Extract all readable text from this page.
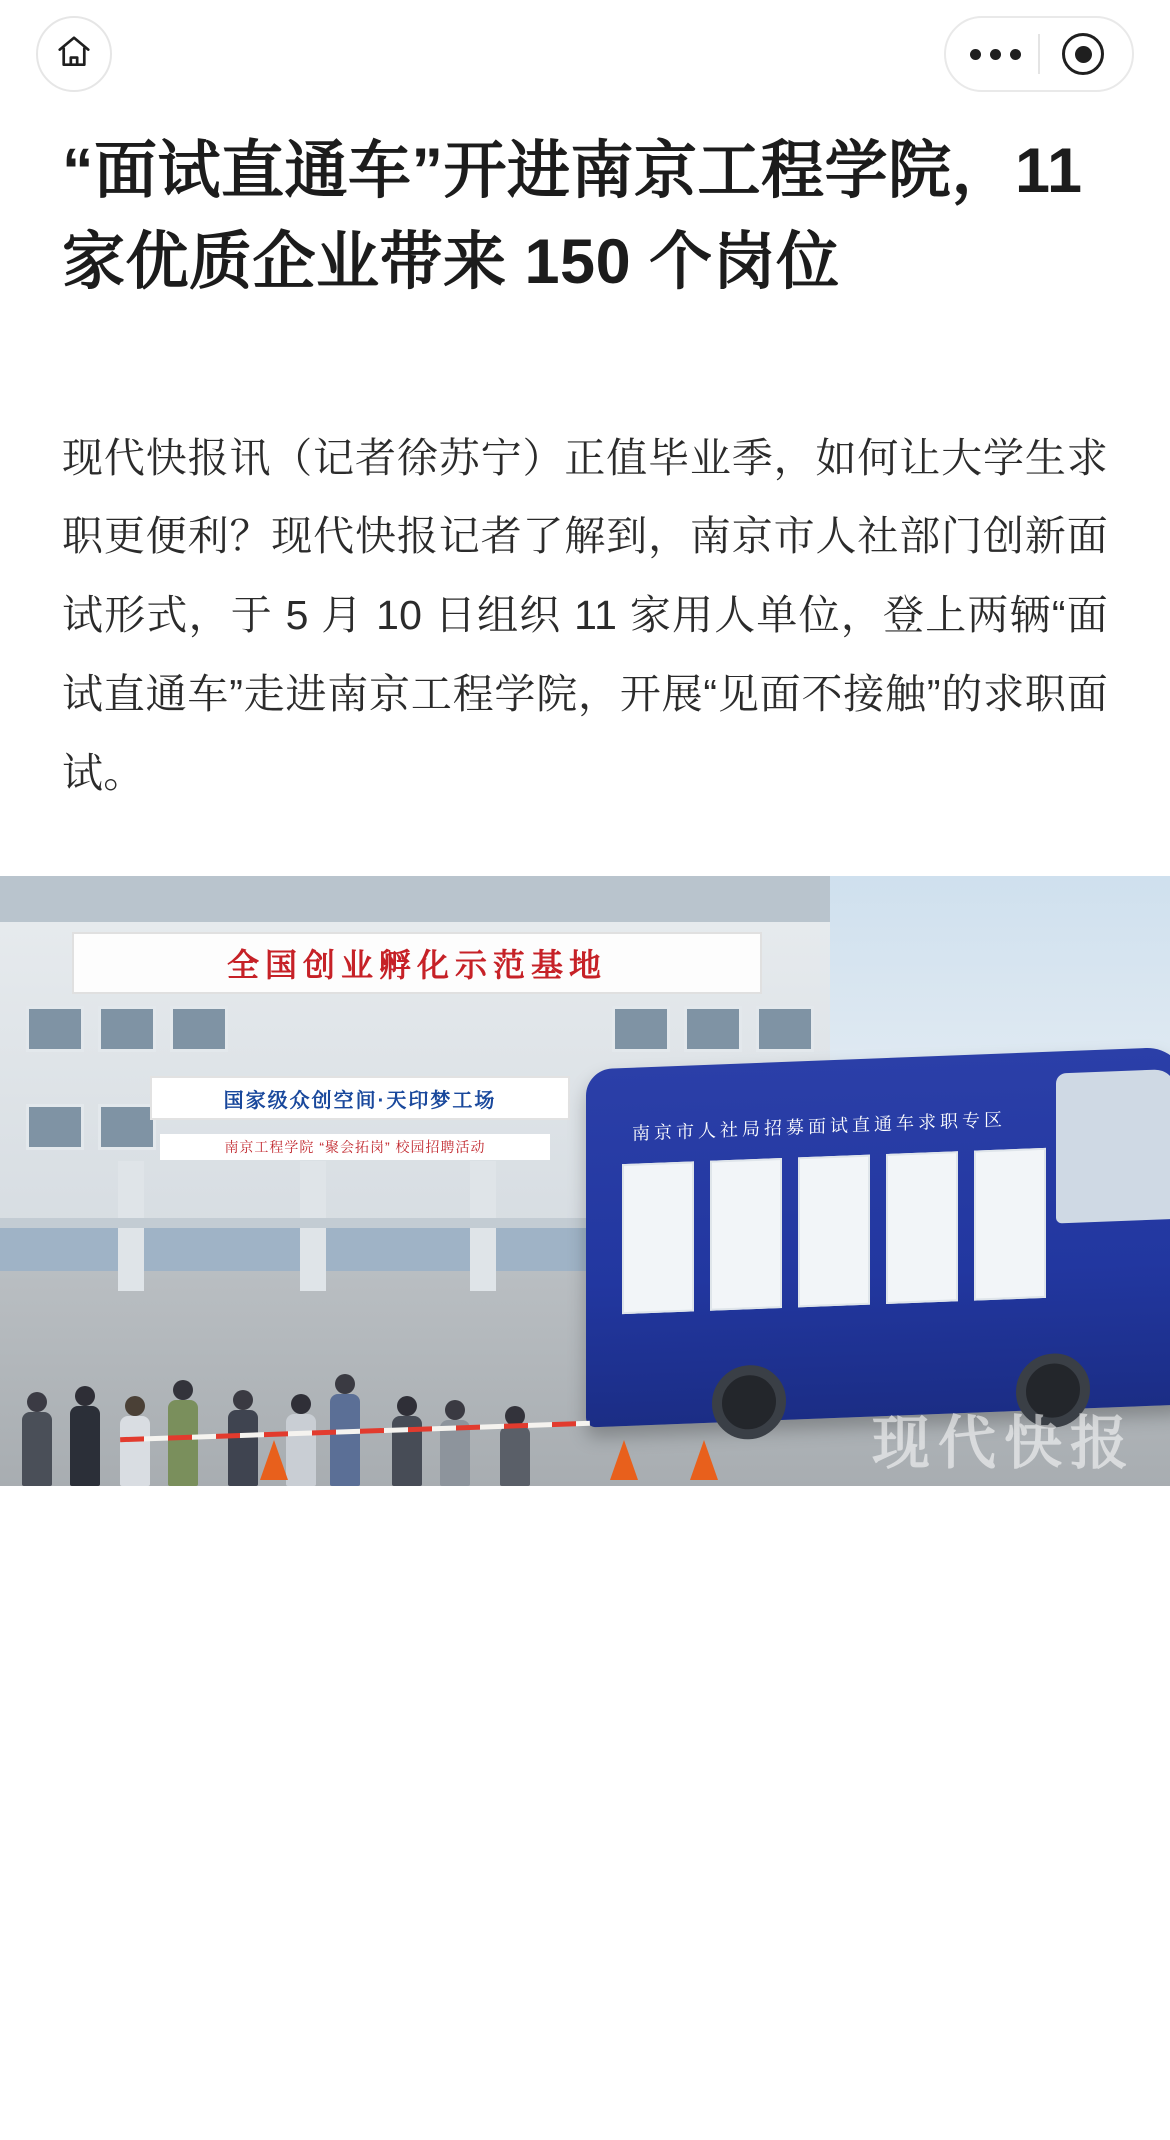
“面试直通车”开进南京工程学院，11 家优质企业带来 150 个岗位

现代快报讯（记者徐苏宁）正值毕业季，如何让大学生求职更便利？现代快报记者了解到，南京市人社部门创新面试形式，于 5 月 10 日组织 11 家用人单位，登上两辆“面试直通车”走进南京工程学院，开展“见面不接触”的求职面试。

全国创业孵化示范基地
国家级众创空间·天印梦工场
南京工程学院 “聚会拓岗” 校园招聘活动
南京市人社局招募面试直通车求职专区
现代快报
